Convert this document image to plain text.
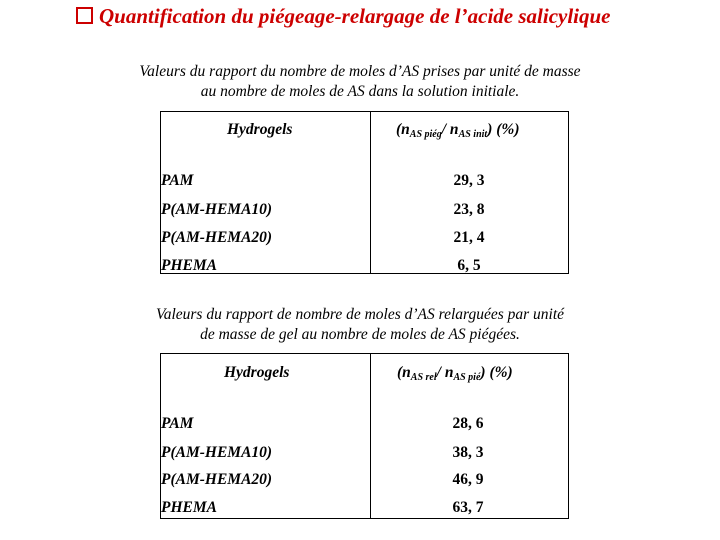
Quantification du piégeage-relargage de l’acide salicylique
Valeurs du rapport du nombre de moles d’AS prises par unité de masse
au nombre de moles de AS dans la solution initiale.
Hydrogels	($n_{AS piég}/$ $n_{AS init}$) (%)
PAM	29, 3
P(AM-HEMA10)	23, 8
P(AM-HEMA20)	21, 4
PHEMA	6, 5
Valeurs du rapport de nombre de moles d’AS relarguées par unité
de masse de gel au nombre de moles de AS piégées.
Hydrogels	($n_{AS rel}/$ $n_{AS pié}$) (%)
PAM	28, 6
P(AM-HEMA10)	38, 3
P(AM-HEMA20)	46, 9
PHEMA	63, 7
